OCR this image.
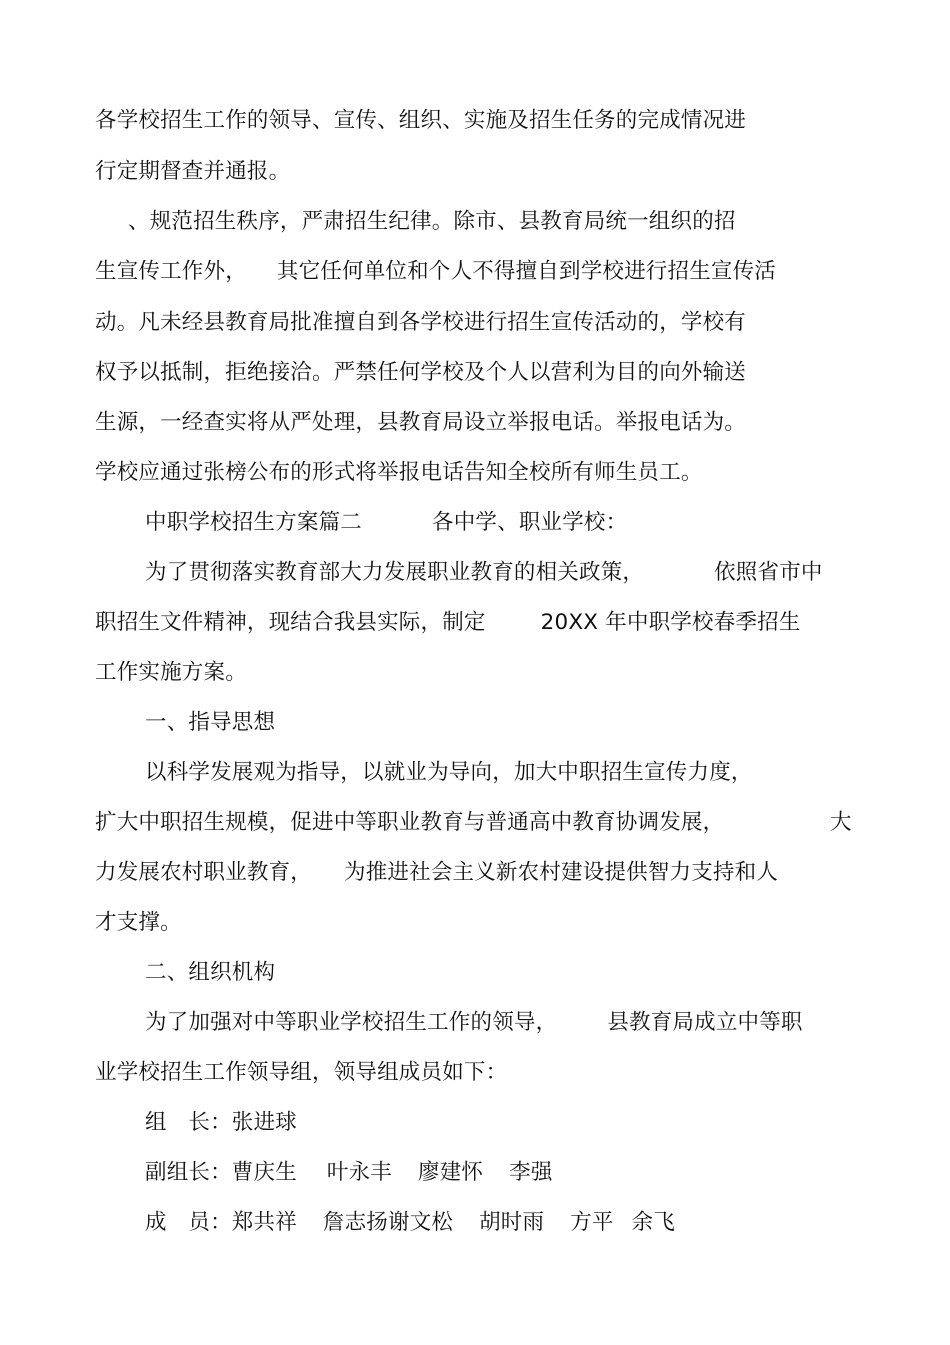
各学校招生工作的领导、宣传、组织、实施及招生任务的完成情况进
行定期督查并通报。
、规范招生秩序，严肃招生纪律。除市、县教育局统一组织的招
生宣传工作外， 其它任何单位和个人不得擅自到学校进行招生宣传活
动。凡未经县教育局批准擅自到各学校进行招生宣传活动的，学校有
权予以抵制，拒绝接洽。严禁任何学校及个人以营利为目的向外输送
生源，一经查实将从严处理，县教育局设立举报电话。举报电话为。
学校应通过张榜公布的形式将举报电话告知全校所有师生员工。
中职学校招生方案篇二	各中学、职业学校：
为了贯彻落实教育部大力发展职业教育的相关政策，	依照省市中
职招生文件精神，现结合我县实际，制定	20XX 年中职学校春季招生
工作实施方案。
一、指导思想
以科学发展观为指导，以就业为导向，加大中职招生宣传力度，
扩大中职招生规模，促进中等职业教育与普通高中教育协调发展，	大
力发展农村职业教育， 为推进社会主义新农村建设提供智力支持和人
才支撑。
二、组织机构
为了加强对中等职业学校招生工作的领导， 县教育局成立中等职
业学校招生工作领导组，领导组成员如下：
组　长：张进球
副组长：曹庆生 叶永丰 廖建怀 李强
成　员：郑共祥 詹志扬谢文松 胡时雨 方平 余飞
